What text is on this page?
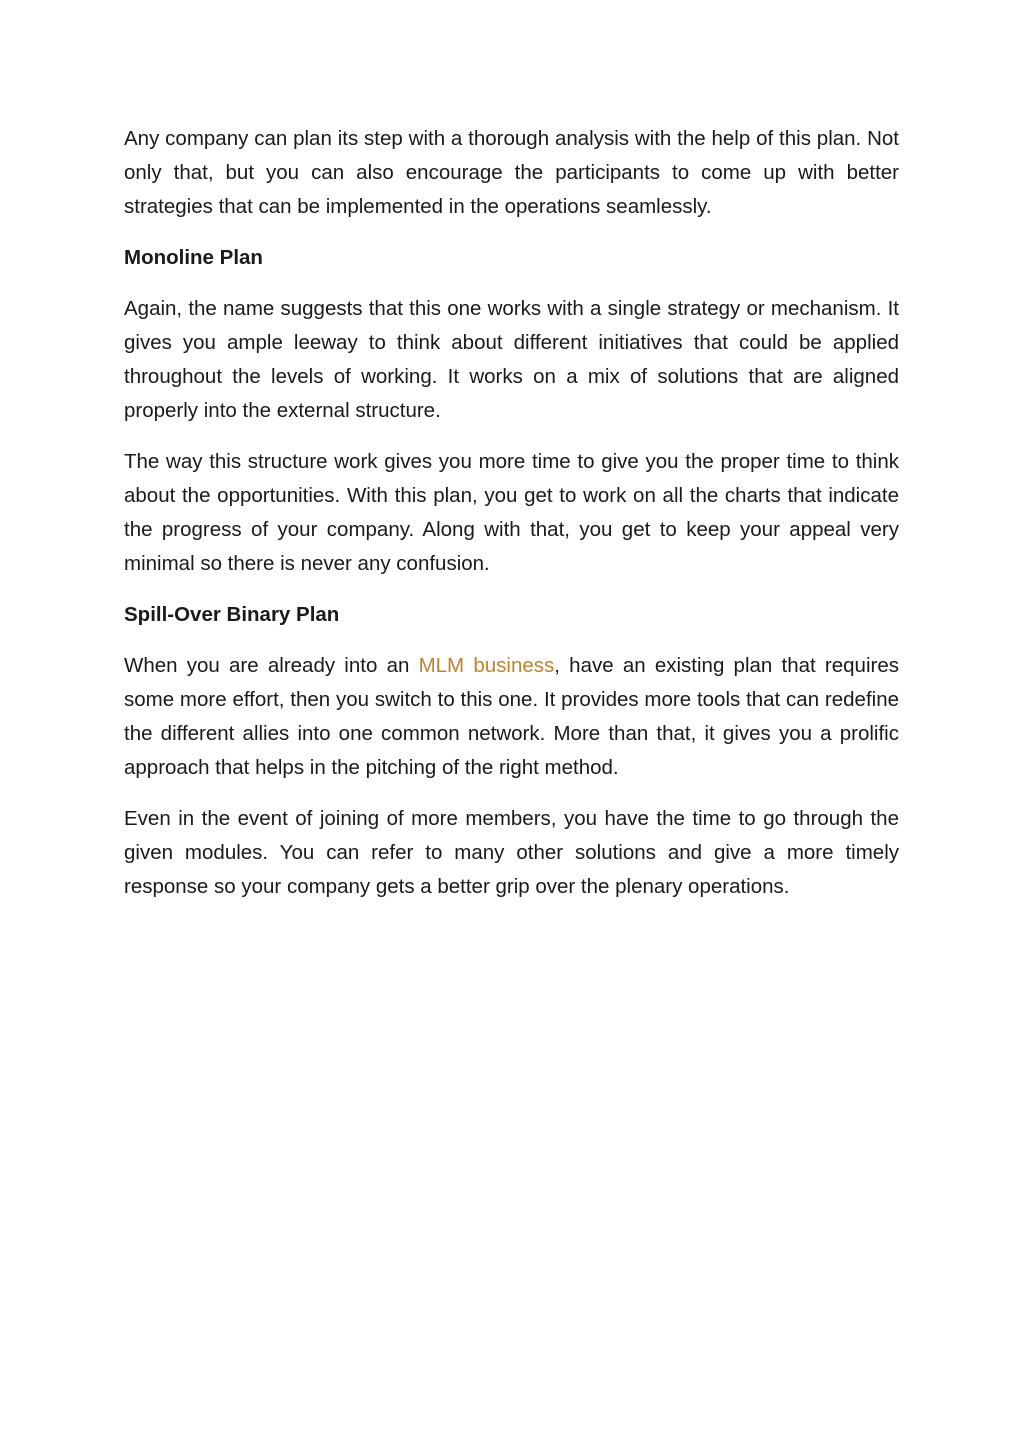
Any company can plan its step with a thorough analysis with the help of this plan. Not only that, but you can also encourage the participants to come up with better strategies that can be implemented in the operations seamlessly.

Monoline Plan

Again, the name suggests that this one works with a single strategy or mechanism. It gives you ample leeway to think about different initiatives that could be applied throughout the levels of working. It works on a mix of solutions that are aligned properly into the external structure.

The way this structure work gives you more time to give you the proper time to think about the opportunities. With this plan, you get to work on all the charts that indicate the progress of your company. Along with that, you get to keep your appeal very minimal so there is never any confusion.

Spill-Over Binary Plan

When you are already into an MLM business, have an existing plan that requires some more effort, then you switch to this one. It provides more tools that can redefine the different allies into one common network. More than that, it gives you a prolific approach that helps in the pitching of the right method.

Even in the event of joining of more members, you have the time to go through the given modules. You can refer to many other solutions and give a more timely response so your company gets a better grip over the plenary operations.
